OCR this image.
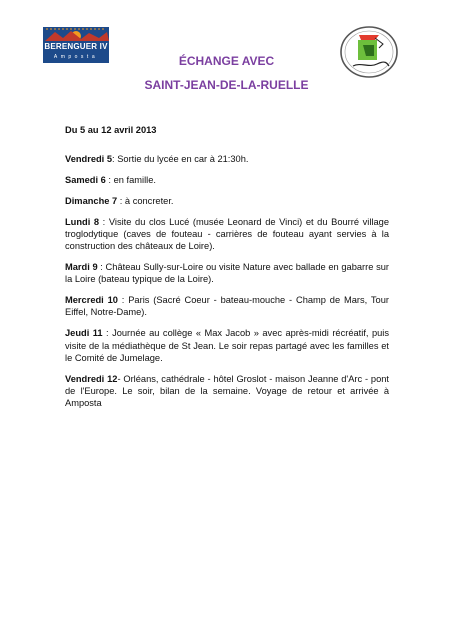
BERENGUER IV
Amposta	ÉCHANGE AVEC
SAINT-JEAN-DE-LA-RUELLE

Du 5 au 12 avril 2013

Vendredi 5: Sortie du lycée en car à 21:30h.

Samedi 6 : en famille.

Dimanche 7 : à concreter.

Lundi 8 : Visite du clos Lucé (musée Leonard de Vinci) et du Bourré village troglodytique (caves de fouteau - carrières de fouteau ayant servies à la construction des châteaux de Loire).

Mardi 9 : Château Sully-sur-Loire ou visite Nature avec ballade en gabarre sur la Loire (bateau typique de la Loire).

Mercredi 10 : Paris (Sacré Coeur - bateau-mouche - Champ de Mars, Tour Eiffel, Notre-Dame).

Jeudi 11 : Journée au collège « Max Jacob » avec après-midi récréatif, puis visite de la médiathèque de St Jean. Le soir repas partagé avec les familles et le Comité de Jumelage.

Vendredi 12- Orléans, cathédrale - hôtel Groslot - maison Jeanne d'Arc - pont de l'Europe. Le soir, bilan de la semaine. Voyage de retour et arrivée à Amposta
